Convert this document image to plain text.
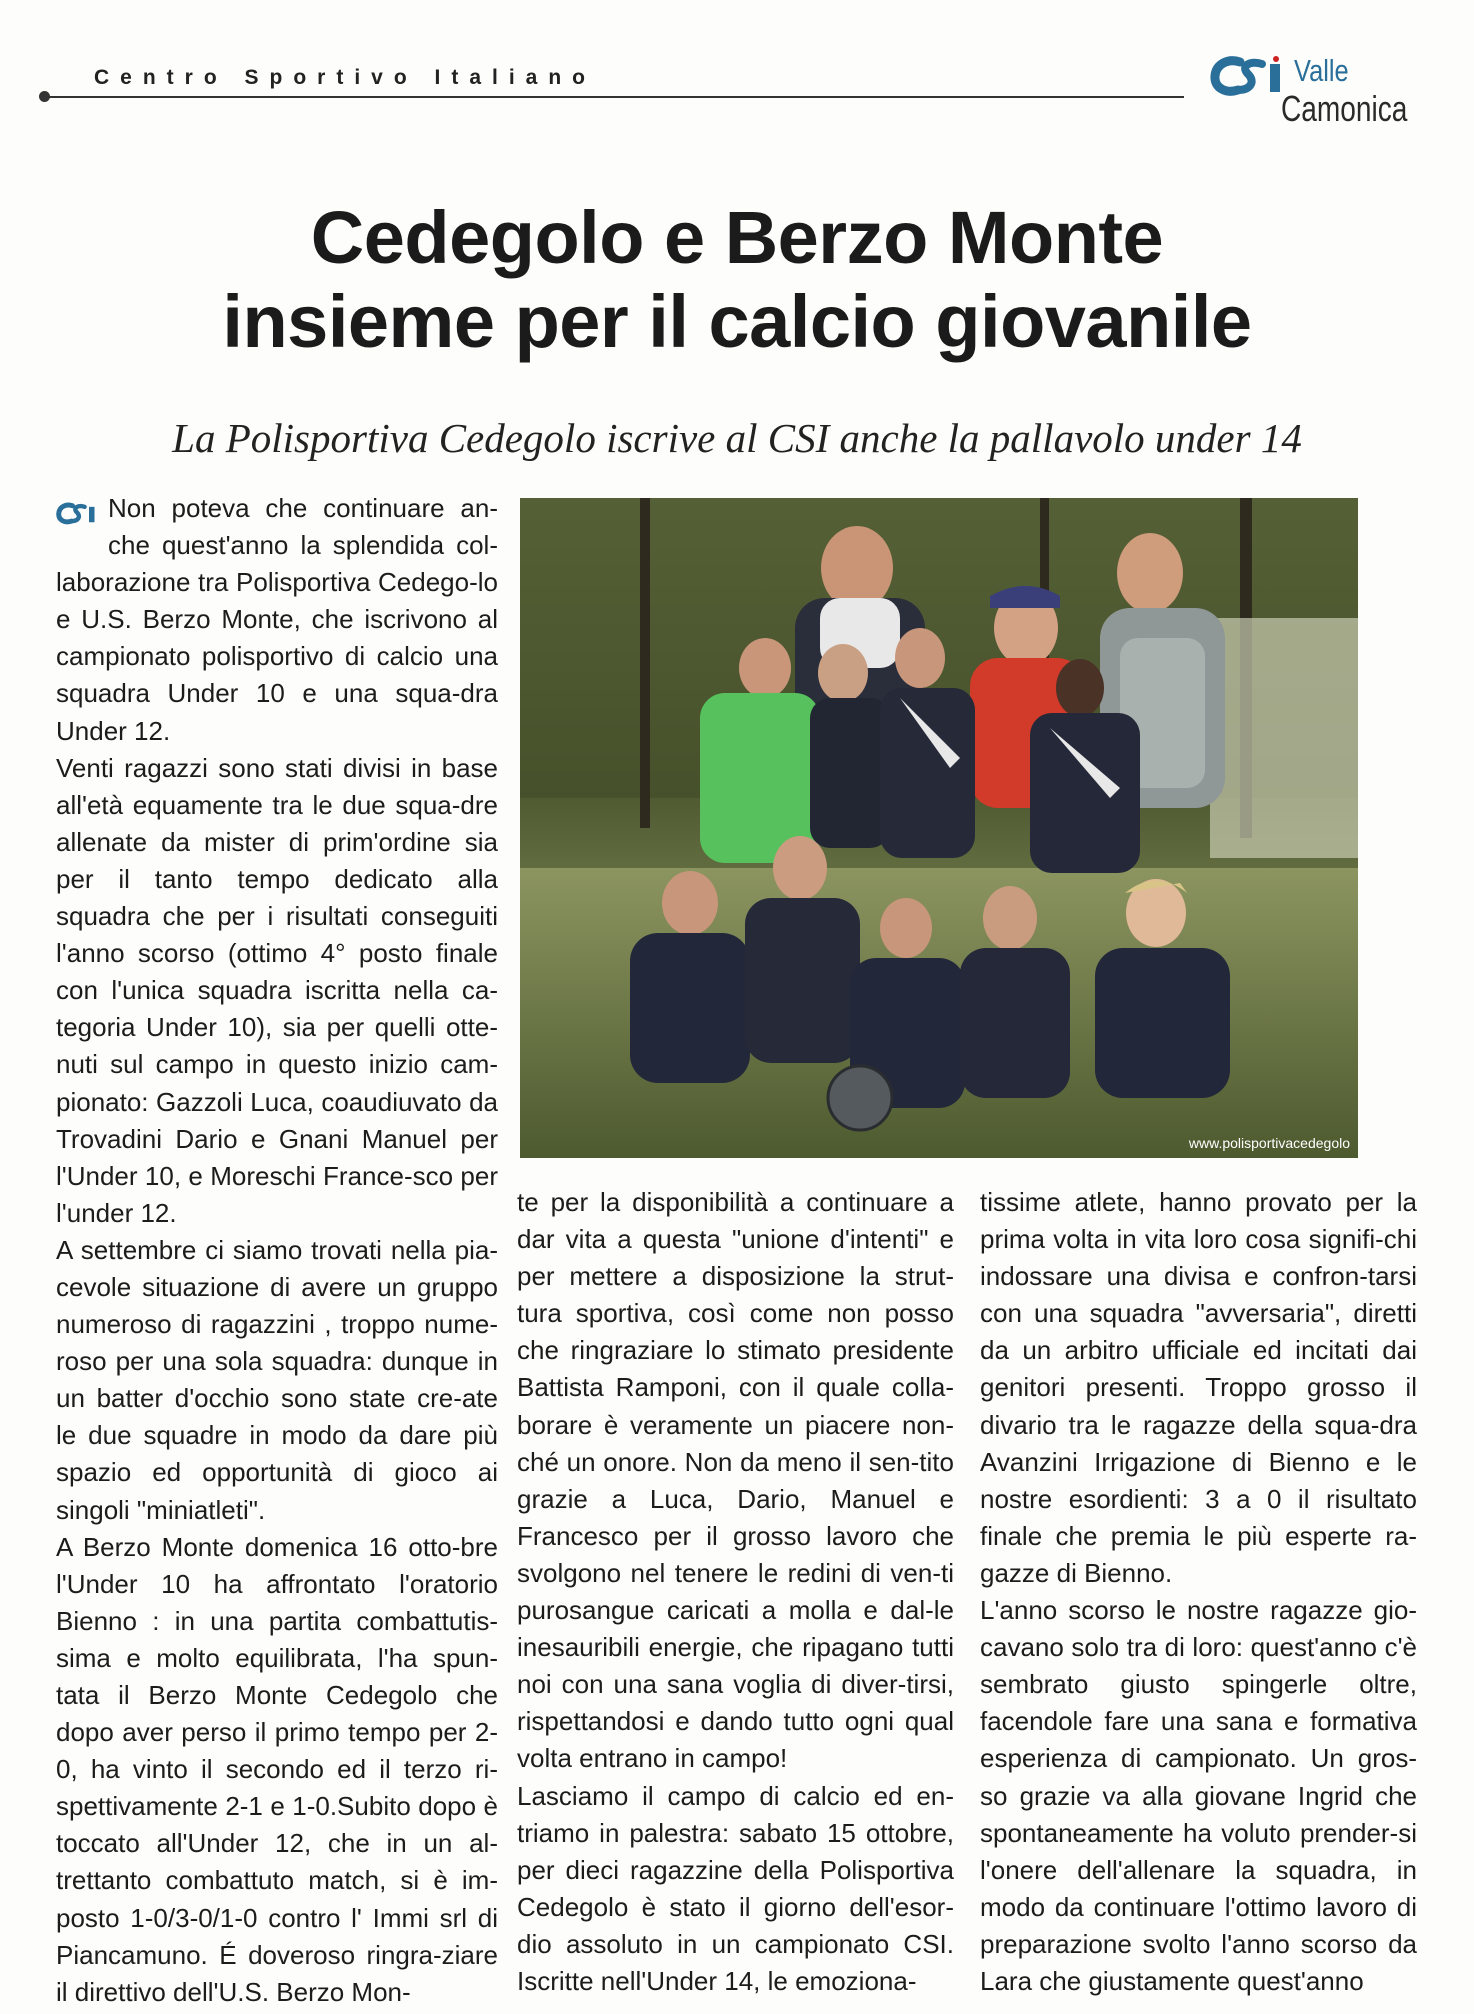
Centro Sportivo Italiano	Valle
Camonica
Cedegolo e Berzo Monte
insieme per il calcio giovanile
La Polisportiva Cedegolo iscrive al CSI anche la pallavolo under 14
www.polisportivacedegolo

Non poteva che continuare an-che quest'anno la splendida col-laborazione tra Polisportiva Cedego-lo e U.S. Berzo Monte, che iscrivono al campionato polisportivo di calcio una squadra Under 10 e una squa-dra Under 12.

Venti ragazzi sono stati divisi in base all'età equamente tra le due squa-dre allenate da mister di prim'ordine sia per il tanto tempo dedicato alla squadra che per i risultati conseguiti l'anno scorso (ottimo 4° posto finale con l'unica squadra iscritta nella ca-tegoria Under 10), sia per quelli otte-nuti sul campo in questo inizio cam-pionato: Gazzoli Luca, coaudiuvato da Trovadini Dario e Gnani Manuel per l'Under 10, e Moreschi France-sco per l'under 12.

A settembre ci siamo trovati nella pia-cevole situazione di avere un gruppo numeroso di ragazzini , troppo nume-roso per una sola squadra: dunque in un batter d'occhio sono state cre-ate le due squadre in modo da dare più spazio ed opportunità di gioco ai singoli "miniatleti".

A Berzo Monte domenica 16 otto-bre l'Under 10 ha affrontato l'oratorio Bienno : in una partita combattutis-sima e molto equilibrata, l'ha spun-tata il Berzo Monte Cedegolo che dopo aver perso il primo tempo per 2-0, ha vinto il secondo ed il terzo ri-spettivamente 2-1 e 1-0.Subito dopo è toccato all'Under 12, che in un al-trettanto combattuto match, si è im-posto 1-0/3-0/1-0 contro l' Immi srl di Piancamuno. É doveroso ringra-ziare il direttivo dell'U.S. Berzo Mon-

te per la disponibilità a continuare a dar vita a questa "unione d'intenti" e per mettere a disposizione la strut-tura sportiva, così come non posso che ringraziare lo stimato presidente Battista Ramponi, con il quale colla-borare è veramente un piacere non-ché un onore. Non da meno il sen-tito grazie a Luca, Dario, Manuel e Francesco per il grosso lavoro che svolgono nel tenere le redini di ven-ti purosangue caricati a molla e dal-le inesauribili energie, che ripagano tutti noi con una sana voglia di diver-tirsi, rispettandosi e dando tutto ogni qual volta entrano in campo!

Lasciamo il campo di calcio ed en-triamo in palestra: sabato 15 ottobre, per dieci ragazzine della Polisportiva Cedegolo è stato il giorno dell'esor-dio assoluto in un campionato CSI. Iscritte nell'Under 14, le emoziona-

tissime atlete, hanno provato per la prima volta in vita loro cosa signifi-chi indossare una divisa e confron-tarsi con una squadra "avversaria", diretti da un arbitro ufficiale ed incitati dai genitori presenti. Troppo grosso il divario tra le ragazze della squa-dra Avanzini Irrigazione di Bienno e le nostre esordienti: 3 a 0 il risultato finale che premia le più esperte ra-gazze di Bienno.

L'anno scorso le nostre ragazze gio-cavano solo tra di loro: quest'anno c'è sembrato giusto spingerle oltre, facendole fare una sana e formativa esperienza di campionato. Un gros-so grazie va alla giovane Ingrid che spontaneamente ha voluto prender-si l'onere dell'allenare la squadra, in modo da continuare l'ottimo lavoro di preparazione svolto l'anno scorso da Lara che giustamente quest'anno
